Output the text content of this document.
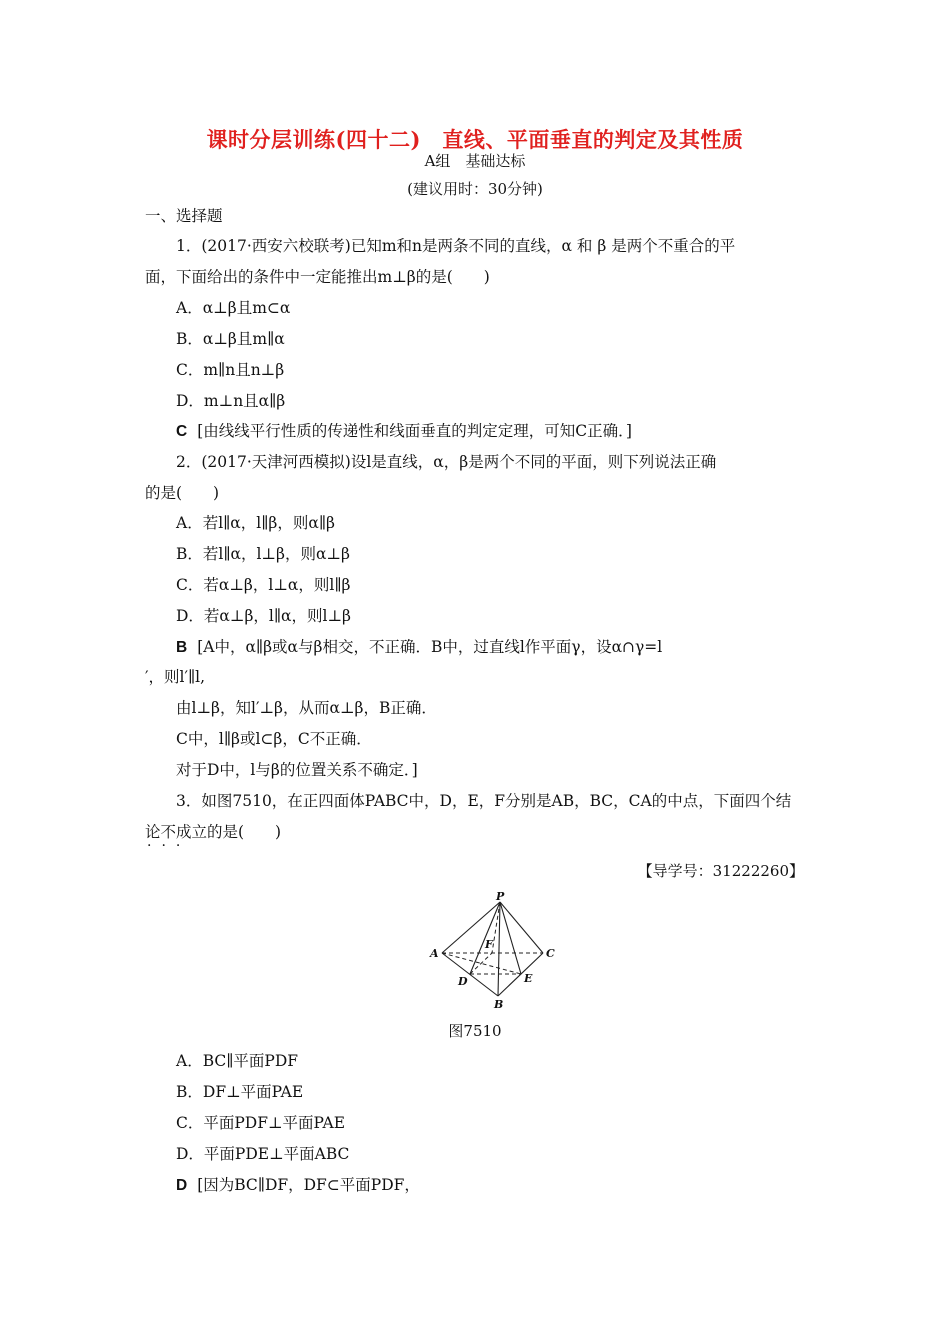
课时分层训练(四十二)　直线、平面垂直的判定及其性质
A组　基础达标
(建议用时：30分钟)
一、选择题
1．(2017·西安六校联考)已知m和n是两条不同的直线，α 和 β 是两个不重合的平
面，下面给出的条件中一定能推出m⊥β的是(　　)
A．α⊥β且m⊂α
B．α⊥β且m∥α
C．m∥n且n⊥β
D．m⊥n且α∥β
C [由线线平行性质的传递性和线面垂直的判定定理，可知C正确．]
2．(2017·天津河西模拟)设l是直线，α，β是两个不同的平面，则下列说法正确
的是(　　)
A．若l∥α，l∥β，则α∥β
B．若l∥α，l⊥β，则α⊥β
C．若α⊥β，l⊥α，则l∥β
D．若α⊥β，l∥α，则l⊥β
B [A中，α∥β或α与β相交，不正确．B中，过直线l作平面γ，设α∩γ=l
′，则l′∥l,
由l⊥β，知l′⊥β，从而α⊥β，B正确．
C中，l∥β或l⊂β，C不正确．
对于D中，l与β的位置关系不确定．]
3．如图7510，在正四面体PABC中，D，E，F分别是AB，BC，CA的中点，下面四个结
论不成立的是(　　)
···
【导学号：31222260】
P
A	C
B
D	E
F
图7510
A．BC∥平面PDF
B．DF⊥平面PAE
C．平面PDF⊥平面PAE
D．平面PDE⊥平面ABC
D [因为BC∥DF，DF⊂平面PDF，
